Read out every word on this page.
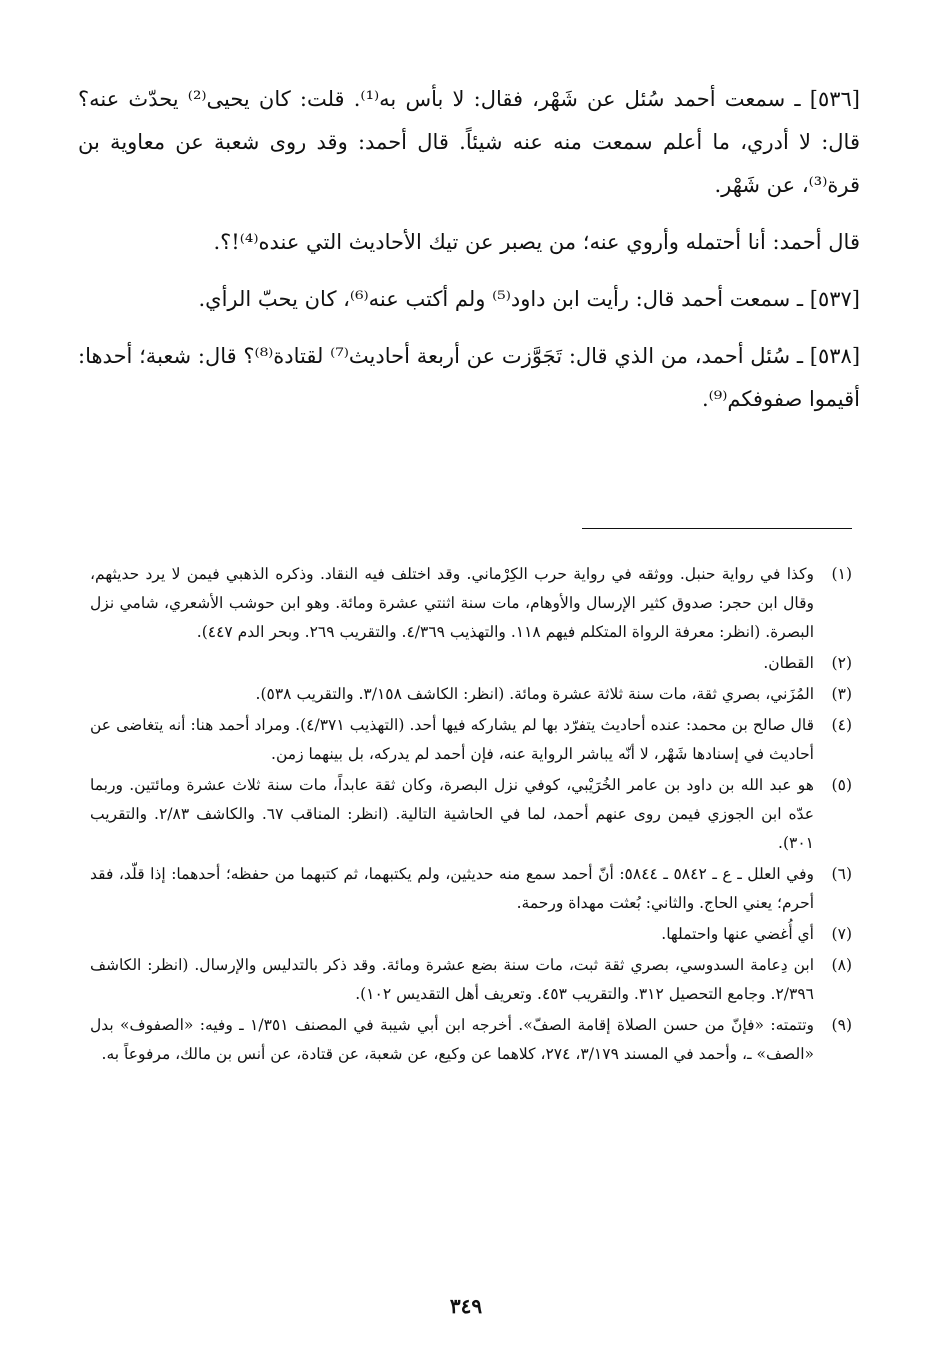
[٥٣٦] ـ سمعت أحمد سُئل عن شَهْر، فقال: لا بأس به⁽¹⁾. قلت: كان يحيى⁽²⁾ يحدّث عنه؟ قال: لا أدري، ما أعلم سمعت منه عنه شيئاً. قال أحمد: وقد روى شعبة عن معاوية بن قرة⁽³⁾، عن شَهْر.

قال أحمد: أنا أحتمله وأروي عنه؛ من يصبر عن تيك الأحاديث التي عنده⁽⁴⁾!؟.

[٥٣٧] ـ سمعت أحمد قال: رأيت ابن داود⁽⁵⁾ ولم أكتب عنه⁽⁶⁾، كان يحبّ الرأي.

[٥٣٨] ـ سُئل أحمد، من الذي قال: تَجَوَّزت عن أربعة أحاديث⁽⁷⁾ لقتادة⁽⁸⁾؟ قال: شعبة؛ أحدها: أقيموا صفوفكم⁽⁹⁾.

(١)
وكذا في رواية حنبل. ووثقه في رواية حرب الكِرْماني. وقد اختلف فيه النقاد. وذكره الذهبي فيمن لا يرد حديثهم، وقال ابن حجر: صدوق كثير الإرسال والأوهام، مات سنة اثنتي عشرة ومائة. وهو ابن حوشب الأشعري، شامي نزل البصرة. (انظر: معرفة الرواة المتكلم فيهم ١١٨. والتهذيب ٤/٣٦٩. والتقريب ٢٦٩. وبحر الدم ٤٤٧).
(٢)
القطان.
(٣)
المُزَني، بصري ثقة، مات سنة ثلاثة عشرة ومائة. (انظر: الكاشف ٣/١٥٨. والتقريب ٥٣٨).
(٤)
قال صالح بن محمد: عنده أحاديث يتفرّد بها لم يشاركه فيها أحد. (التهذيب ٤/٣٧١). ومراد أحمد هنا: أنه يتغاضى عن أحاديث في إسنادها شَهْر، لا أنّه يباشر الرواية عنه، فإن أحمد لم يدركه، بل بينهما زمن.
(٥)
هو عبد الله بن داود بن عامر الخُرَيْبي، كوفي نزل البصرة، وكان ثقة عابداً، مات سنة ثلاث عشرة ومائتين. وربما عدّه ابن الجوزي فيمن روى عنهم أحمد، لما في الحاشية التالية. (انظر: المناقب ٦٧. والكاشف ٢/٨٣. والتقريب ٣٠١).
(٦)
وفي العلل ـ ع ـ ٥٨٤٢ ـ ٥٨٤٤: أنّ أحمد سمع منه حديثين، ولم يكتبهما، ثم كتبهما من حفظه؛ أحدهما: إذا قلّد، فقد أحرم؛ يعني الحاج. والثاني: بُعثت مهداة ورحمة.
(٧)
أي أُغضي عنها واحتملها.
(٨)
ابن دِعامة السدوسي، بصري ثقة ثبت، مات سنة بضع عشرة ومائة. وقد ذكر بالتدليس والإرسال. (انظر: الكاشف ٢/٣٩٦. وجامع التحصيل ٣١٢. والتقريب ٤٥٣. وتعريف أهل التقديس ١٠٢).
(٩)
وتتمته: «فإنّ من حسن الصلاة إقامة الصفّ». أخرجه ابن أبي شيبة في المصنف ١/٣٥١ ـ وفيه: «الصفوف» بدل «الصف» ـ، وأحمد في المسند ٣/١٧٩، ٢٧٤، كلاهما عن وكيع، عن شعبة، عن قتادة، عن أنس بن مالك، مرفوعاً به.
٣٤٩
